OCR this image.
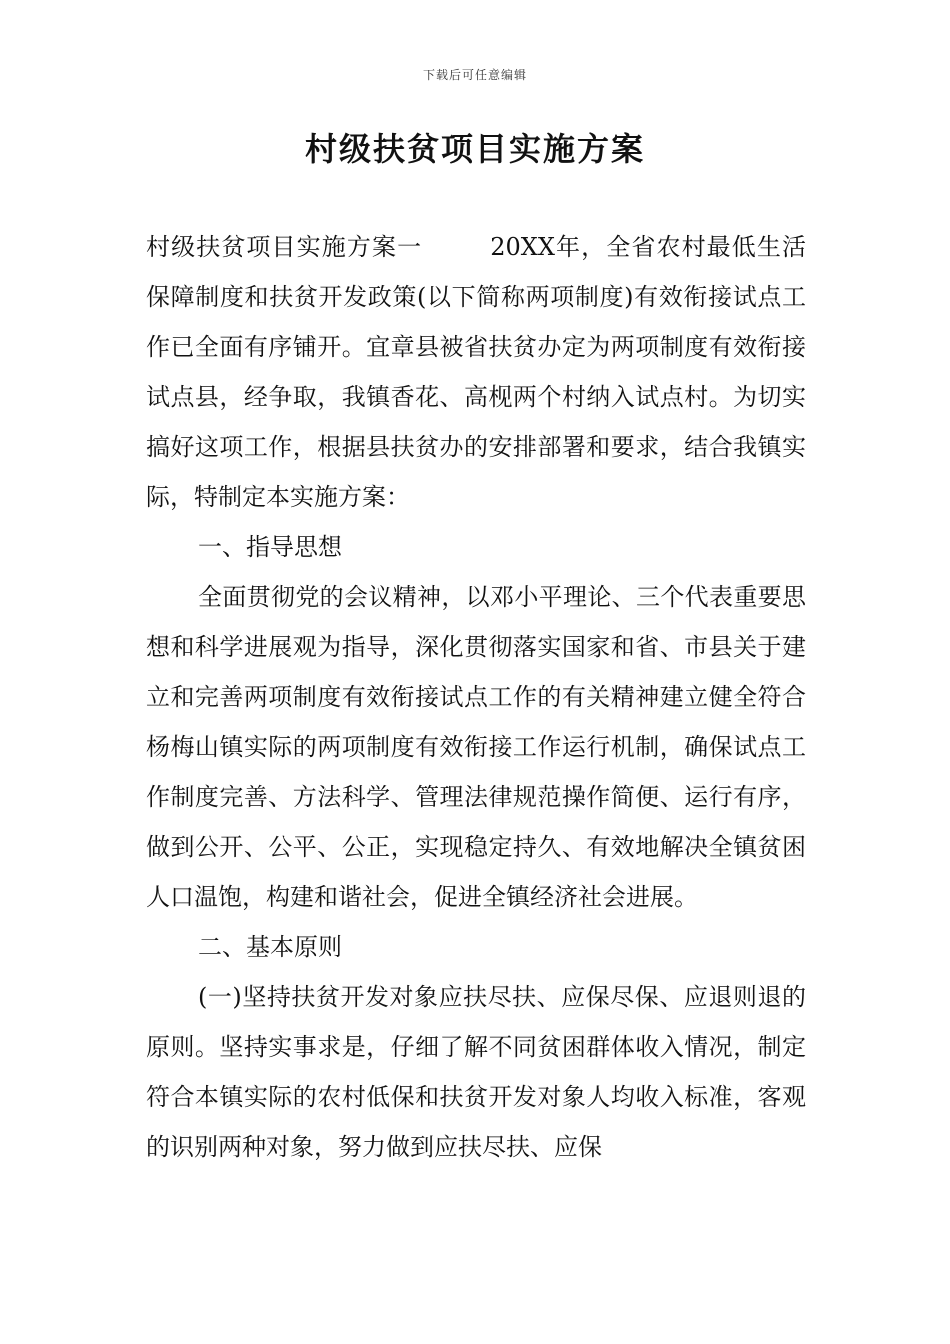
下载后可任意编辑
村级扶贫项目实施方案

村级扶贫项目实施方案一	20XX年，全省农村最低生活保障制度和扶贫开发政策(以下简称两项制度)有效衔接试点工作已全面有序铺开。宜章县被省扶贫办定为两项制度有效衔接试点县，经争取，我镇香花、高枧两个村纳入试点村。为切实搞好这项工作，根据县扶贫办的安排部署和要求，结合我镇实际，特制定本实施方案：

一、指导思想

全面贯彻党的会议精神，以邓小平理论、三个代表重要思想和科学进展观为指导，深化贯彻落实国家和省、市县关于建立和完善两项制度有效衔接试点工作的有关精神建立健全符合杨梅山镇实际的两项制度有效衔接工作运行机制，确保试点工作制度完善、方法科学、管理法律规范操作简便、运行有序，做到公开、公平、公正，实现稳定持久、有效地解决全镇贫困人口温饱，构建和谐社会，促进全镇经济社会进展。

二、基本原则

(一)坚持扶贫开发对象应扶尽扶、应保尽保、应退则退的原则。坚持实事求是，仔细了解不同贫困群体收入情况，制定符合本镇实际的农村低保和扶贫开发对象人均收入标准，客观的识别两种对象，努力做到应扶尽扶、应保
